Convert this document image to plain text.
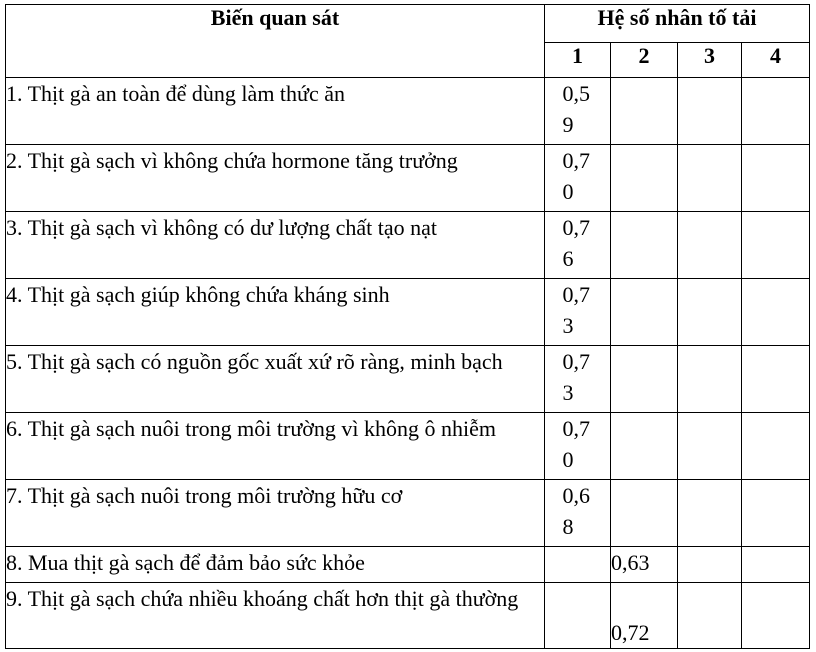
Biến quan sát	Hệ số nhân tố tải			
	1	2	3	4
1. Thịt gà an toàn để dùng làm thức ăn	0,59			
2. Thịt gà sạch vì không chứa hormone tăng trưởng	0,70			
3. Thịt gà sạch vì không có dư lượng chất tạo nạt	0,76			
4. Thịt gà sạch giúp không chứa kháng sinh	0,73			
5. Thịt gà sạch có nguồn gốc xuất xứ rõ ràng, minh bạch	0,73			
6. Thịt gà sạch nuôi trong môi trường vì không ô nhiễm	0,70			
7. Thịt gà sạch nuôi trong môi trường hữu cơ	0,68			
8. Mua thịt gà sạch để đảm bảo sức khỏe		0,63		
9. Thịt gà sạch chứa nhiều khoáng chất hơn thịt gà thường		0,72		
